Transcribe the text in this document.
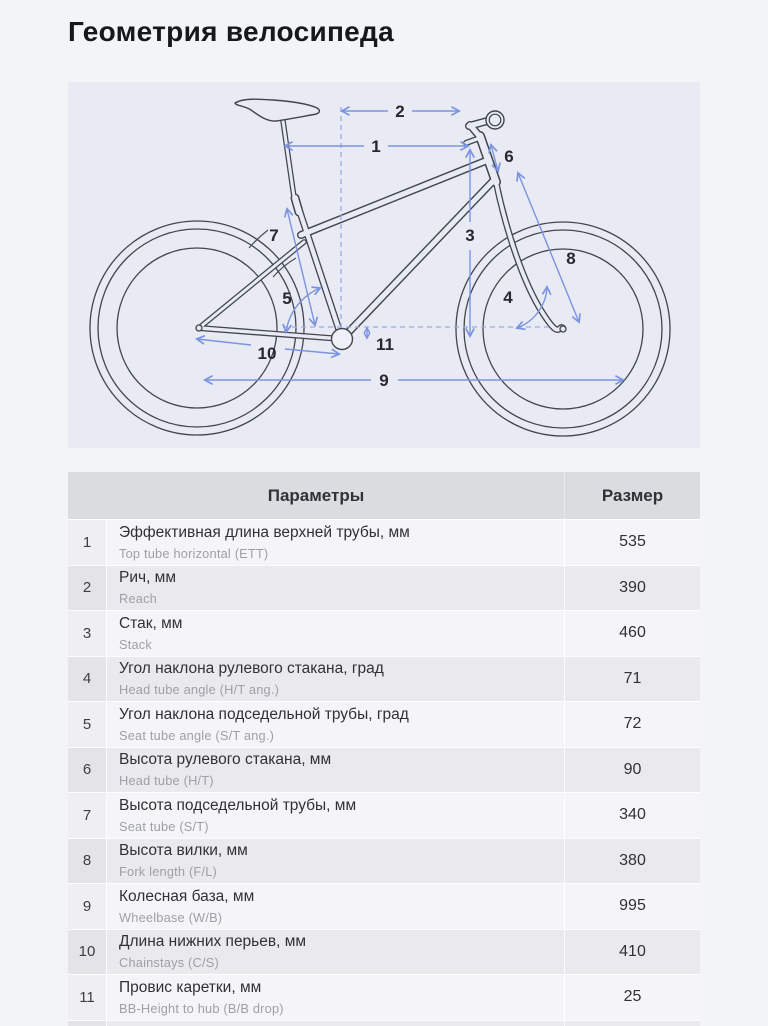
Геометрия велосипеда
1
2
3
4
5
6
7
8
9
10	11
Параметры	Размер
1
Эффективная длина верхней трубы, мм
Top tube horizontal (ETT)
535
2
Рич, мм
Reach
390
3
Стак, мм
Stack
460
4
Угол наклона рулевого стакана, град
Head tube angle (H/T ang.)
71
5
Угол наклона подседельной трубы, град
Seat tube angle (S/T ang.)
72
6
Высота рулевого стакана, мм
Head tube (H/T)
90
7
Высота подседельной трубы, мм
Seat tube (S/T)
340
8
Высота вилки, мм
Fork length (F/L)
380
9
Колесная база, мм
Wheelbase (W/B)
995
10
Длина нижних перьев, мм
Chainstays (C/S)
410
11
Провис каретки, мм
BB-Height to hub (B/B drop)
25
